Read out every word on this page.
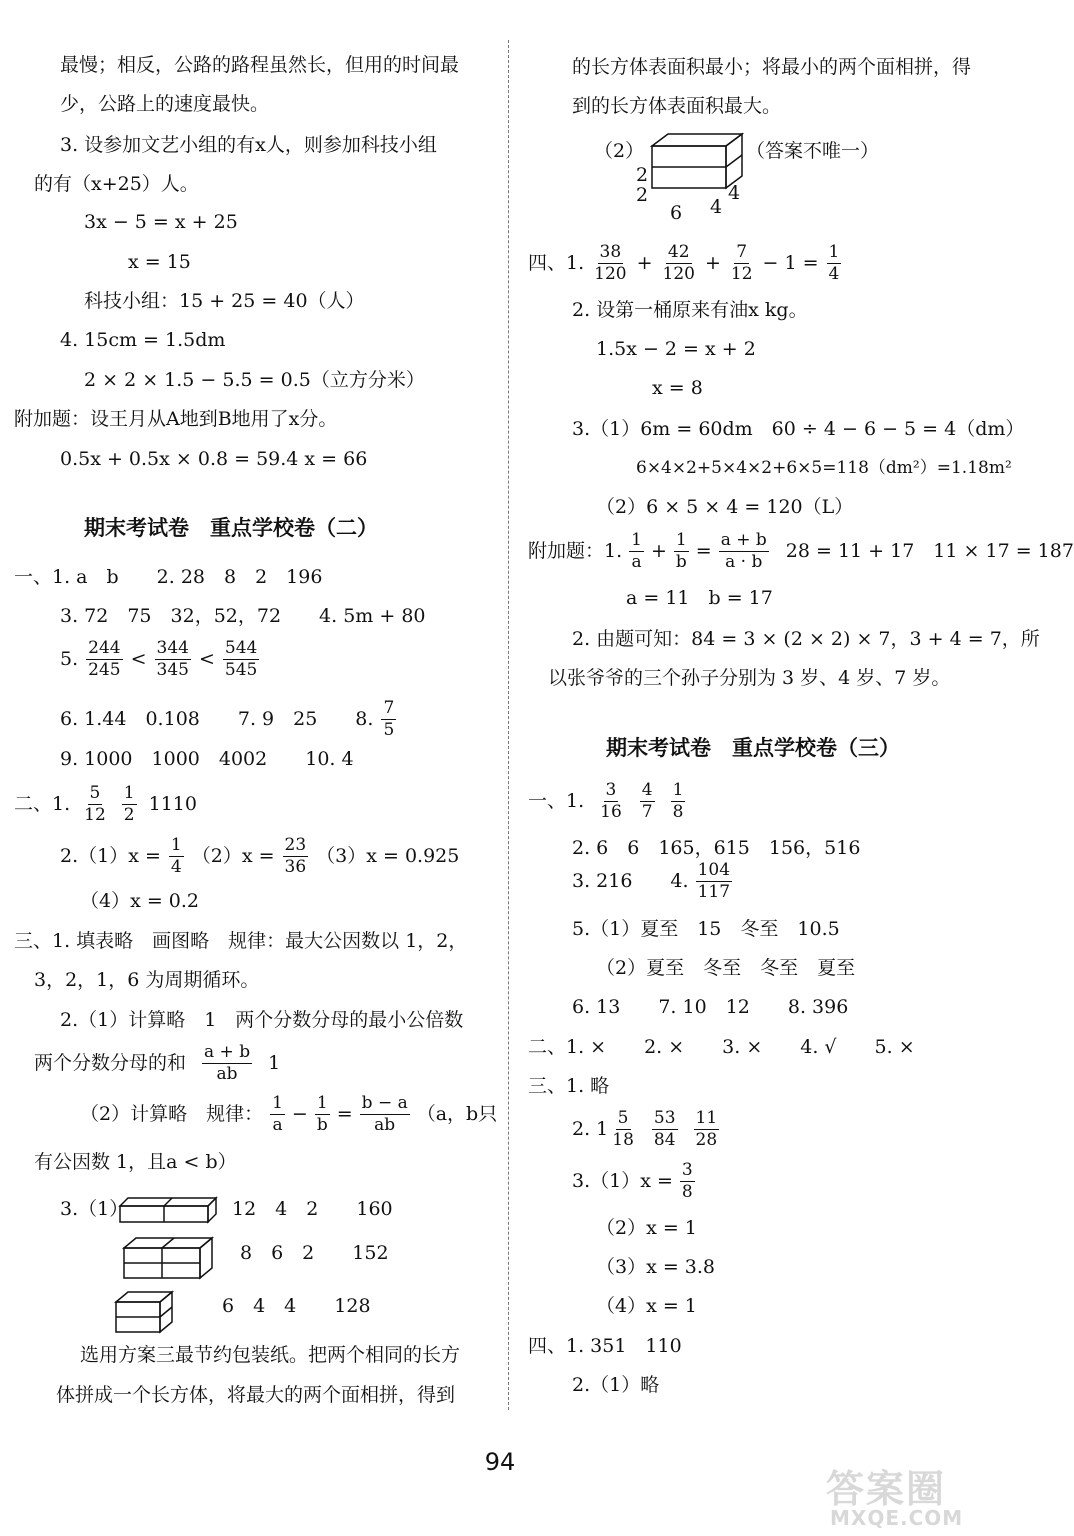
最慢；相反，公路的路程虽然长，但用的时间最
少，公路上的速度最快。
3. 设参加文艺小组的有x人，则参加科技小组
的有（x+25）人。
3x − 5 = x + 25
x = 15
科技小组：15 + 25 = 40（人）
4. 15cm = 1.5dm
2 × 2 × 1.5 − 5.5 = 0.5（立方分米）
附加题：设王月从A地到B地用了x分。
0.5x + 0.5x × 0.8 = 59.4 x = 66
期末考试卷　重点学校卷（二）
一、1. a　b　　2. 28　8　2　196
3. 72　75　32，52，72　　4. 5m + 80
5. $\frac{244}{245} < \frac{344}{345} < \frac{544}{545}$
6. 1.44　0.108　　7. 9　25　　8. $\frac{7}{5}$
9. 1000　1000　4002　　10. 4
二、1. $\frac{5}{12} \frac{1}{2} 1110$
$2.(1)x = \frac{1}{4} (2)x = \frac{23}{36} (3)x = 0.925$
（4）x = 0.2
三、1. 填表略　画图略　规律：最大公因数以 1，2，
3，2，1，6 为周期循环。
2.（1）计算略　1　两个分数分母的最小公倍数
两个分数分母的和 $\frac{a + b}{ab} 1$
（2）计算略　规律： $\frac{1}{a} - \frac{1}{b} = \frac{b - a}{ab} (a$，b只
有公因数 1，且a < b）
3.（1）	12　4　2　　160
8　6　2　　152
6　4　4　　128
选用方案三最节约包装纸。把两个相同的长方
体拼成一个长方体，将最大的两个面相拼，得到
的长方体表面积最小；将最小的两个面相拼，得
到的长方体表面积最大。
（2）
2
2
6 4
4
（答案不唯一）
四、1. $\frac{38}{120} + \frac{42}{120} + \frac{7}{12} - 1 = \frac{1}{4}$
2. 设第一桶原来有油x kg。
1.5x − 2 = x + 2
x = 8
3.（1）6m = 60dm　60 ÷ 4 − 6 − 5 = 4（dm）
6×4×2+5×4×2+6×5=118（dm²）=1.18m²
（2）6 × 5 × 4 = 120（L）
附加题：1. $\frac{1}{a} + \frac{1}{b} = \frac{a + b}{a \cdot b} 28 = 11 + 17$　11 × 17 = 187
a = 11　b = 17
2. 由题可知：84 = 3 × (2 × 2) × 7，3 + 4 = 7，所
以张爷爷的三个孙子分别为 3 岁、4 岁、7 岁。
期末考试卷　重点学校卷（三）
一、1. $\frac{3}{16} \frac{4}{7} \frac{1}{8}$
2. 6　6　165，615　156，516
3. 216　　4. $\frac{104}{117}$
5.（1）夏至　15　冬至　10.5
（2）夏至　冬至　冬至　夏至
6. 13　　7. 10　12　　8. 396
二、1. ×　　2. ×　　3. ×　　4. √　　5. ×
三、1. 略
2. $1 \frac{5}{18} \frac{53}{84} \frac{11}{28}$
$3.(1)x = \frac{3}{8}$
（2）x = 1
（3）x = 3.8
（4）x = 1
四、1. 351　110
2.（1）略
94
答案圈
MXQE.COM
